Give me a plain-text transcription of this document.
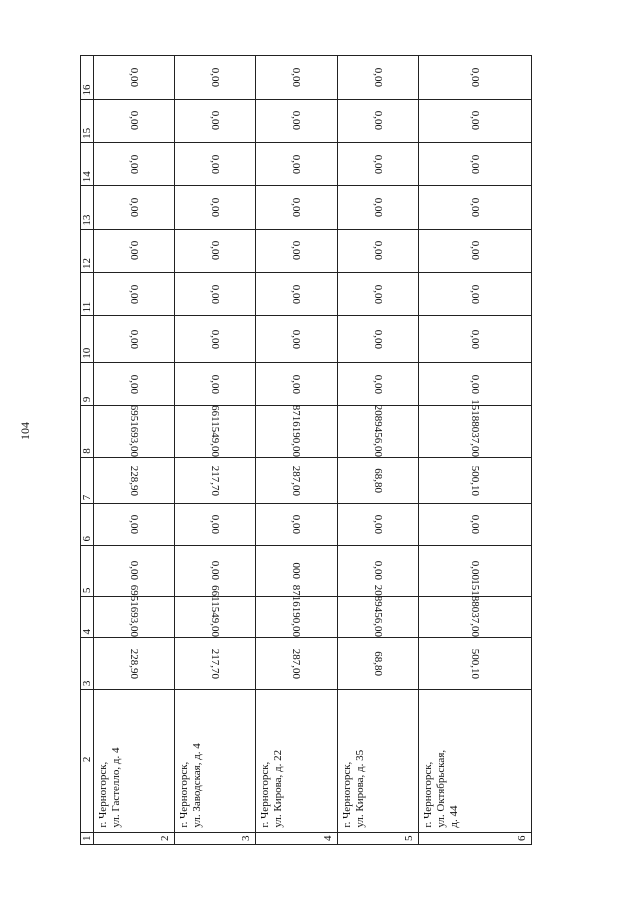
104
1	2	3	4	5	6	7	8	9	10	11	12	13	14	15	16
2	г. Черногорск, ул. Гастелло, д. 4	228,90	6951693,00	0,00	0,00	228,90	6951693,00	0,00	0,00	0,00	0,00	0,00	0,00	0,00	0,00
3	г. Черногорск, ул. Заводская, д. 4	217,70	6611549,00	0,00	0,00	217,70	6611549,00	0,00	0,00	0,00	0,00	0,00	0,00	0,00	0,00
4	г. Черногорск, ул. Кирова, д. 22	287,00	8716190,00	000	0,00	287,00	8716190,00	0,00	0,00	0,00	0,00	0,00	0,00	0,00	0,00
5	г. Черногорск, ул. Кирова, д. 35	68,80	2089456,00	0,00	0,00	68,80	2089456,00	0,00	0,00	0,00	0,00	0,00	0,00	0,00	0,00
6	г. Черногорск, ул. Октябрьская, д. 44	500,10	15188037,00	0,00	0,00	500,10	15188037,00	0,00	0,00	0,00	0,00	0,00	0,00	0,00	0,00
